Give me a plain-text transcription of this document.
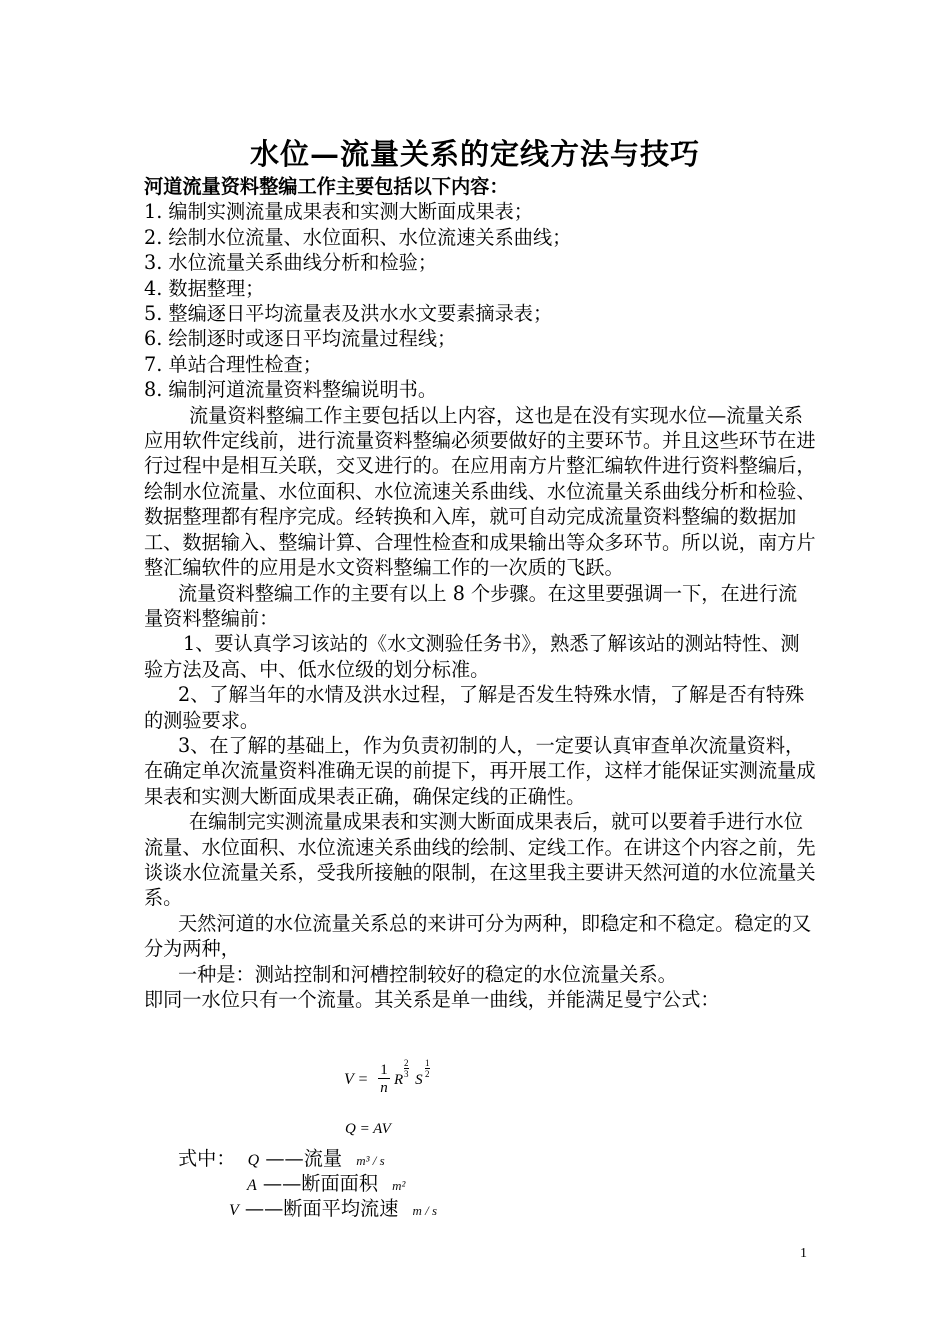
水位—流量关系的定线方法与技巧

河道流量资料整编工作主要包括以下内容：

1. 编制实测流量成果表和实测大断面成果表；

2. 绘制水位流量、水位面积、水位流速关系曲线；

3. 水位流量关系曲线分析和检验；

4. 数据整理；

5. 整编逐日平均流量表及洪水水文要素摘录表；

6. 绘制逐时或逐日平均流量过程线；

7. 单站合理性检查；

8. 编制河道流量资料整编说明书。

流量资料整编工作主要包括以上内容，这也是在没有实现水位—流量关系应用软件定线前，进行流量资料整编必须要做好的主要环节。并且这些环节在进行过程中是相互关联，交叉进行的。在应用南方片整汇编软件进行资料整编后，绘制水位流量、水位面积、水位流速关系曲线、水位流量关系曲线分析和检验、数据整理都有程序完成。经转换和入库，就可自动完成流量资料整编的数据加工、数据输入、整编计算、合理性检查和成果输出等众多环节。所以说，南方片整汇编软件的应用是水文资料整编工作的一次质的飞跃。

流量资料整编工作的主要有以上 8 个步骤。在这里要强调一下，在进行流量资料整编前：

1、要认真学习该站的《水文测验任务书》，熟悉了解该站的测站特性、测验方法及高、中、低水位级的划分标准。

2、了解当年的水情及洪水过程，了解是否发生特殊水情，了解是否有特殊的测验要求。

3、在了解的基础上，作为负责初制的人，一定要认真审查单次流量资料，在确定单次流量资料准确无误的前提下，再开展工作，这样才能保证实测流量成果表和实测大断面成果表正确，确保定线的正确性。

在编制完实测流量成果表和实测大断面成果表后，就可以要着手进行水位流量、水位面积、水位流速关系曲线的绘制、定线工作。在讲这个内容之前，先谈谈水位流量关系，受我所接触的限制，在这里我主要讲天然河道的水位流量关系。

天然河道的水位流量关系总的来讲可分为两种，即稳定和不稳定。稳定的又分为两种，

一种是：测站控制和河槽控制较好的稳定的水位流量关系。

即同一水位只有一个流量。其关系是单一曲线，并能满足曼宁公式：

$V = \frac{1}{n}$ R S
$\frac{2}{3} \frac{1}{2}$
Q = AV
式中： Q ——流量 m³ / s
A ——断面面积 m²
V ——断面平均流速 m / s
1
